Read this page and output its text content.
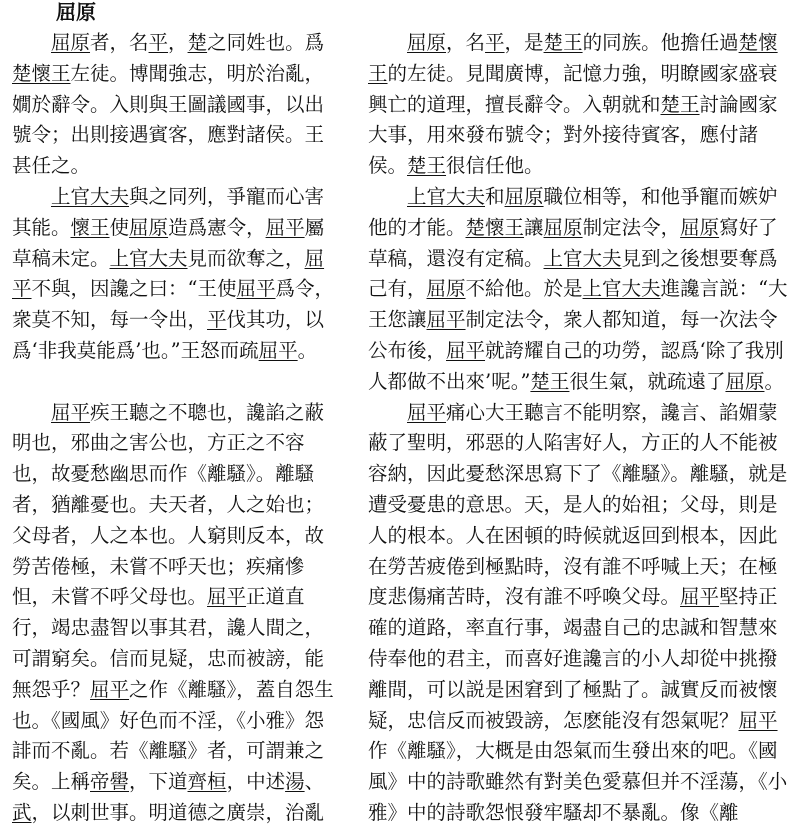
屈原

屈原者，名平，楚之同姓也。爲楚懷王左徒。博聞強志，明於治亂，嫺於辭令。入則與王圖議國事，以出號令；出則接遇賓客，應對諸侯。王甚任之。

上官大夫與之同列，爭寵而心害其能。懷王使屈原造爲憲令，屈平屬草稿未定。上官大夫見而欲奪之，屈平不與，因讒之曰：“王使屈平爲令，衆莫不知，每一令出，平伐其功，以爲‘非我莫能爲’也。”王怒而疏屈平。

屈平疾王聽之不聰也，讒諂之蔽明也，邪曲之害公也，方正之不容也，故憂愁幽思而作《離騷》。離騷者，猶離憂也。夫天者，人之始也；父母者，人之本也。人窮則反本，故勞苦倦極，未嘗不呼天也；疾痛慘怛，未嘗不呼父母也。屈平正道直行，竭忠盡智以事其君，讒人間之，可謂窮矣。信而見疑，忠而被謗，能無怨乎？屈平之作《離騷》，蓋自怨生也。《國風》好色而不淫，《小雅》怨誹而不亂。若《離騷》者，可謂兼之矣。上稱帝嚳，下道齊桓，中述湯、武，以刺世事。明道德之廣崇，治亂

屈原，名平，是楚王的同族。他擔任過楚懷王的左徒。見聞廣博，記憶力強，明瞭國家盛衰興亡的道理，擅長辭令。入朝就和楚王討論國家大事，用來發布號令；對外接待賓客，應付諸侯。楚王很信任他。

上官大夫和屈原職位相等，和他爭寵而嫉妒他的才能。楚懷王讓屈原制定法令，屈原寫好了草稿，還沒有定稿。上官大夫見到之後想要奪爲己有，屈原不給他。於是上官大夫進讒言説：“大王您讓屈平制定法令，衆人都知道，每一次法令公布後，屈平就誇耀自己的功勞，認爲‘除了我別人都做不出來’呢。”楚王很生氣，就疏遠了屈原。

屈平痛心大王聽言不能明察，讒言、諂媚蒙蔽了聖明，邪惡的人陷害好人，方正的人不能被容納，因此憂愁深思寫下了《離騷》。離騷，就是遭受憂患的意思。天，是人的始祖；父母，則是人的根本。人在困頓的時候就返回到根本，因此在勞苦疲倦到極點時，沒有誰不呼喊上天；在極度悲傷痛苦時，沒有誰不呼喚父母。屈平堅持正確的道路，率直行事，竭盡自己的忠誠和智慧來侍奉他的君主，而喜好進讒言的小人却從中挑撥離間，可以説是困窘到了極點了。誠實反而被懷疑，忠信反而被毀謗，怎麽能沒有怨氣呢？屈平作《離騷》，大概是由怨氣而生發出來的吧。《國風》中的詩歌雖然有對美色愛慕但并不淫蕩，《小雅》中的詩歌怨恨發牢騷却不暴亂。像《離
